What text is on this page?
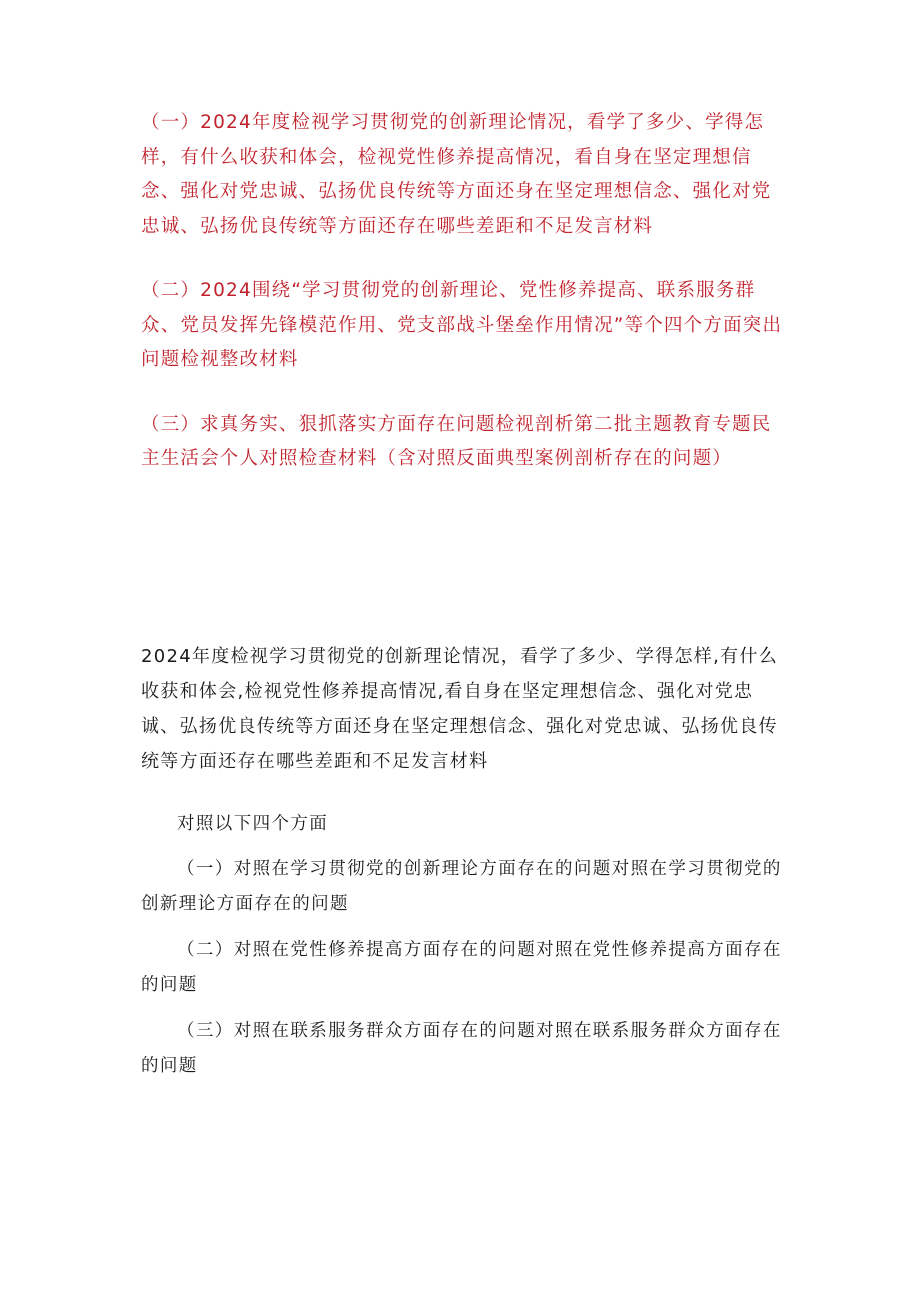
（一）2024年度检视学习贯彻党的创新理论情况，看学了多少、学得怎样，有什么收获和体会，检视党性修养提高情况，看自身在坚定理想信念、强化对党忠诚、弘扬优良传统等方面还身在坚定理想信念、强化对党忠诚、弘扬优良传统等方面还存在哪些差距和不足发言材料

（二）2024围绕“学习贯彻党的创新理论、党性修养提高、联系服务群众、党员发挥先锋模范作用、党支部战斗堡垒作用情况”等个四个方面突出问题检视整改材料

（三）求真务实、狠抓落实方面存在问题检视剖析第二批主题教育专题民主生活会个人对照检查材料（含对照反面典型案例剖析存在的问题）

2024年度检视学习贯彻党的创新理论情况，看学了多少、学得怎样,有什么收获和体会,检视党性修养提高情况,看自身在坚定理想信念、强化对党忠诚、弘扬优良传统等方面还身在坚定理想信念、强化对党忠诚、弘扬优良传统等方面还存在哪些差距和不足发言材料

对照以下四个方面

（一）对照在学习贯彻党的创新理论方面存在的问题对照在学习贯彻党的创新理论方面存在的问题

（二）对照在党性修养提高方面存在的问题对照在党性修养提高方面存在的问题

（三）对照在联系服务群众方面存在的问题对照在联系服务群众方面存在的问题
